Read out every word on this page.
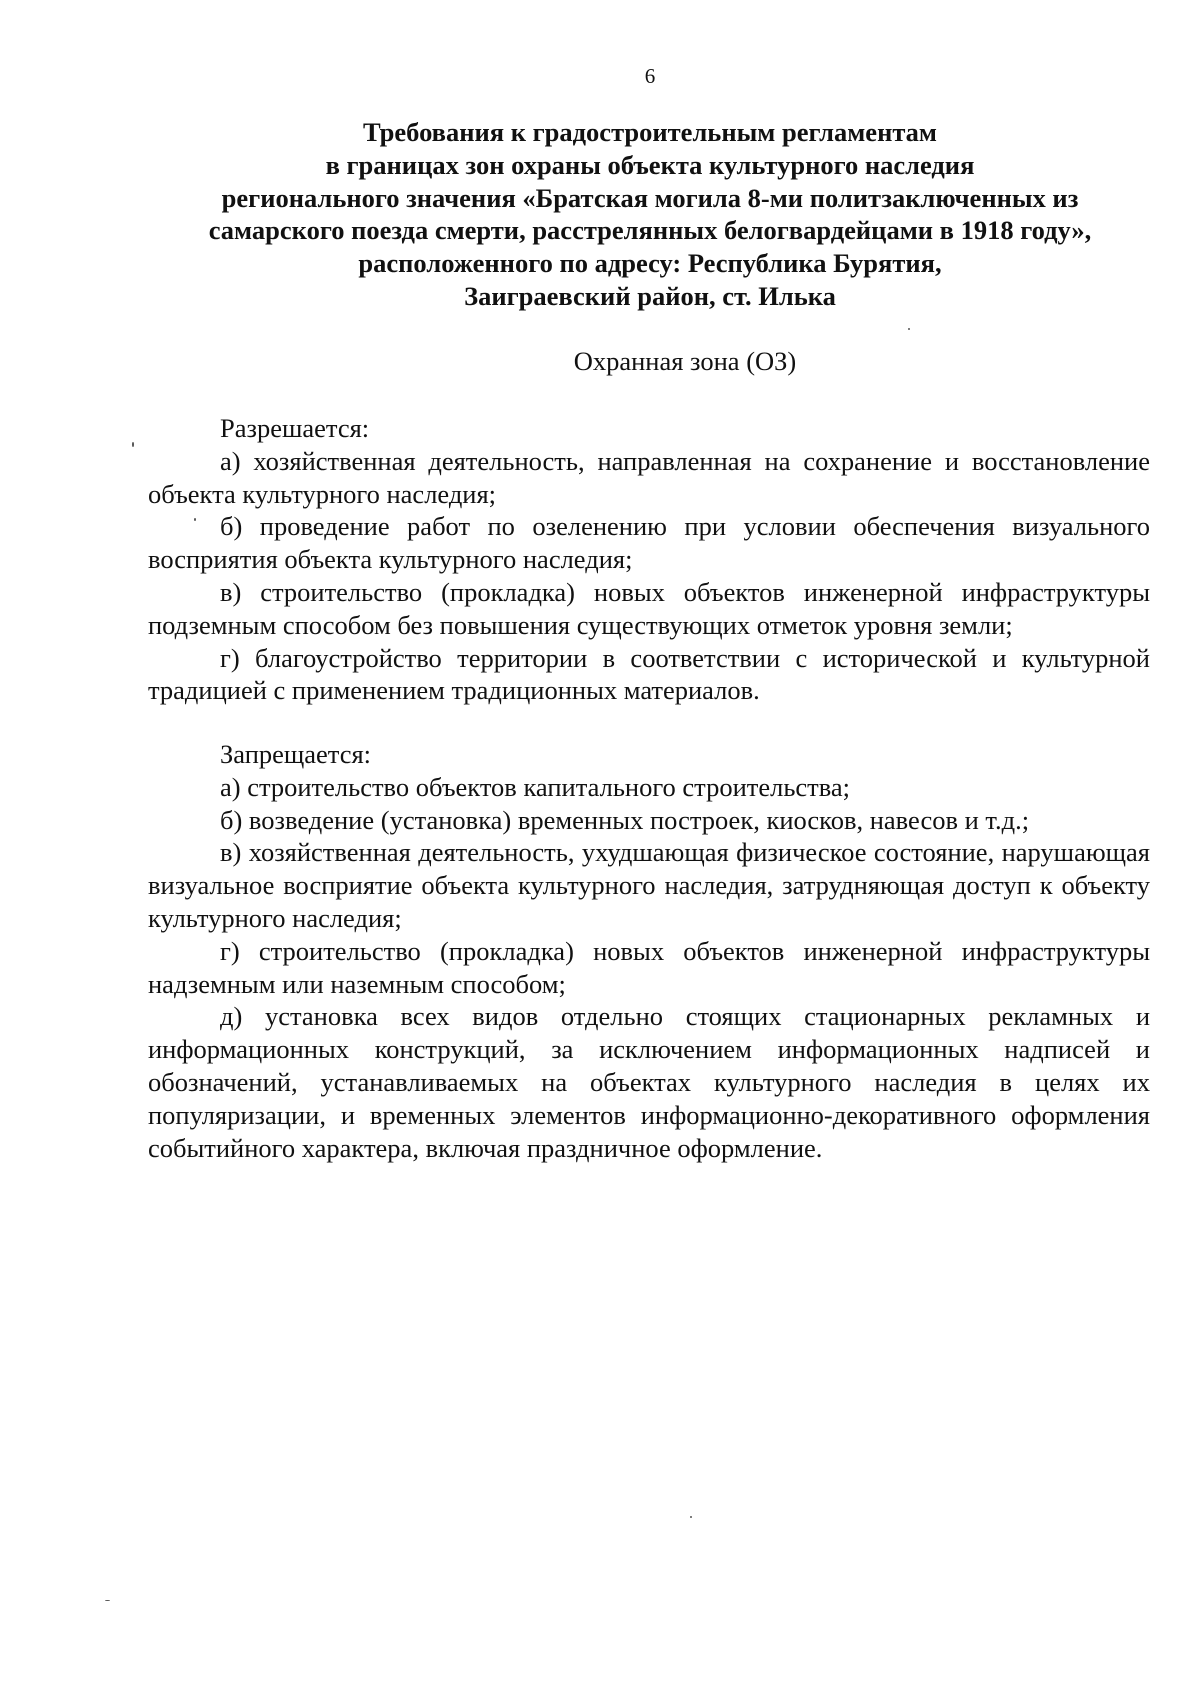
6
Требования к градостроительным регламентам
в границах зон охраны объекта культурного наследия
регионального значения «Братская могила 8-ми политзаключенных из
самарского поезда смерти, расстрелянных белогвардейцами в 1918 году»,
расположенного по адресу: Республика Бурятия,
Заиграевский район, ст. Илька
Охранная зона (ОЗ)
Разрешается:
а) хозяйственная деятельность, направленная на сохранение и восстановление объекта культурного наследия;
б) проведение работ по озеленению при условии обеспечения визуального восприятия объекта культурного наследия;
в) строительство (прокладка) новых объектов инженерной инфраструктуры подземным способом без повышения существующих отметок уровня земли;
г) благоустройство территории в соответствии с исторической и культурной традицией с применением традиционных материалов.
Запрещается:
а) строительство объектов капитального строительства;
б) возведение (установка) временных построек, киосков, навесов и т.д.;
в) хозяйственная деятельность, ухудшающая физическое состояние, нарушающая визуальное восприятие объекта культурного наследия, затрудняющая доступ к объекту культурного наследия;
г) строительство (прокладка) новых объектов инженерной инфраструктуры надземным или наземным способом;
д) установка всех видов отдельно стоящих стационарных рекламных и информационных конструкций, за исключением информационных надписей и обозначений, устанавливаемых на объектах культурного наследия в целях их популяризации, и временных элементов информационно-декоративного оформления событийного характера, включая праздничное оформление.
